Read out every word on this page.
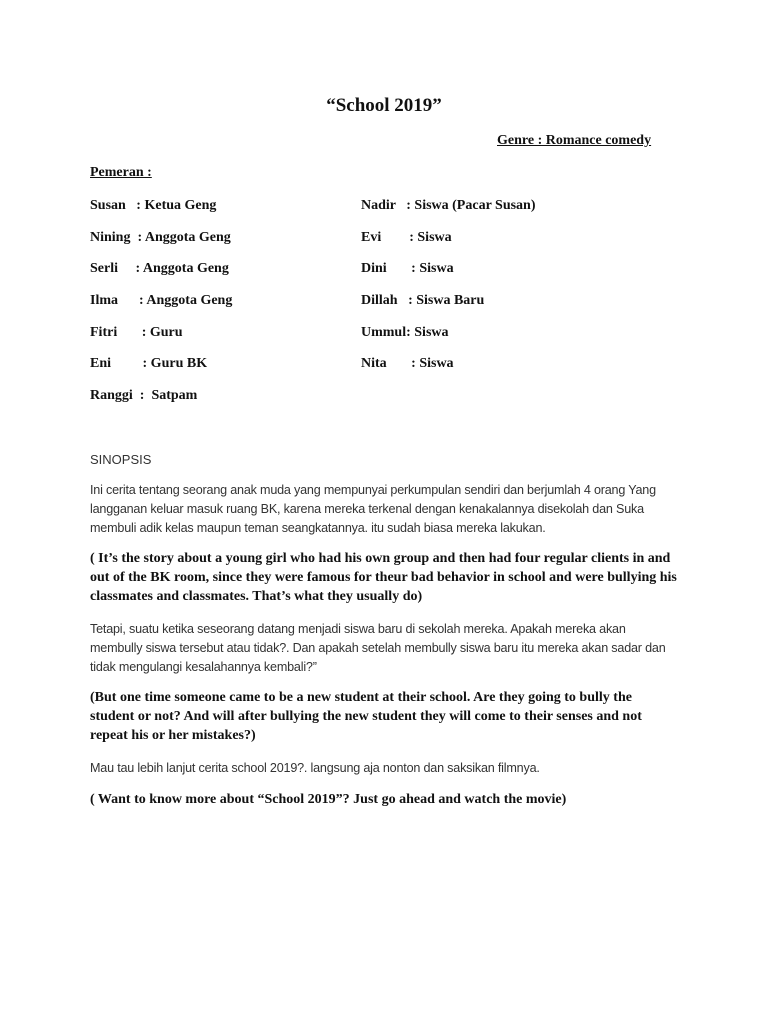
“School 2019”
Genre : Romance comedy
Pemeran :
Susan   : Ketua Geng
Nining  : Anggota Geng
Serli     : Anggota Geng
Ilma      : Anggota Geng
Fitri       : Guru
Eni         : Guru BK
Ranggi  :  Satpam
Nadir   : Siswa (Pacar Susan)
Evi        : Siswa
Dini       : Siswa
Dillah   : Siswa Baru
Ummul: Siswa
Nita       : Siswa
SINOPSIS

Ini cerita tentang seorang anak muda yang mempunyai perkumpulan sendiri dan berjumlah 4 orang Yang langganan keluar masuk ruang BK, karena mereka terkenal dengan kenakalannya disekolah dan Suka membuli adik kelas maupun teman seangkatannya. itu sudah biasa mereka lakukan.

( It’s the story about a young girl who had his own group and then had four regular clients in and out of the BK room, since they were famous for theur bad behavior in school and were bullying his classmates and classmates. That’s what they usually do)

Tetapi, suatu ketika seseorang datang menjadi siswa baru di sekolah mereka. Apakah mereka akan membully siswa tersebut atau tidak?. Dan apakah setelah membully siswa baru itu mereka akan sadar dan tidak mengulangi kesalahannya kembali?”

(But one time someone came to be a new student at their school. Are they going to bully the student or not? And will after bullying the new student they will come to their senses and not repeat his or her mistakes?)

Mau tau lebih lanjut cerita school 2019?. langsung aja nonton dan saksikan filmnya.

( Want to know more about “School 2019”? Just go ahead and watch the movie)
